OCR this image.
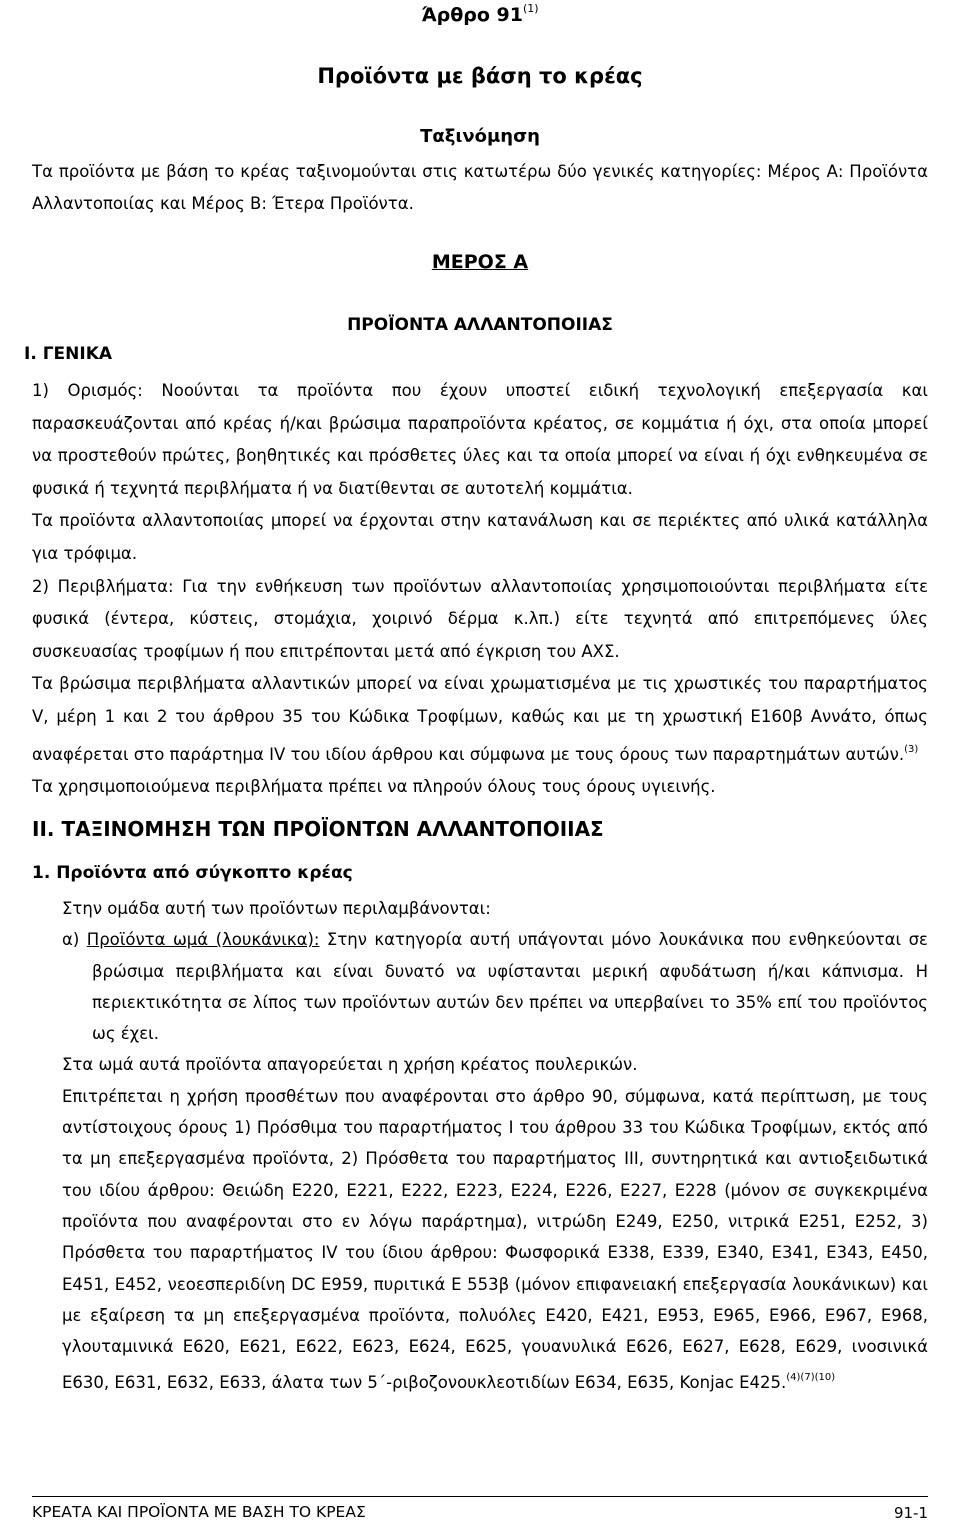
Άρθρο 91$^{(1)}$
Προϊόντα με βάση το κρέας
Ταξινόμηση
Τα προϊόντα με βάση το κρέας ταξινομούνται στις κατωτέρω δύο γενικές κατηγορίες: Μέρος Α: Προϊόντα Αλλαντοποιίας και Μέρος Β: Έτερα Προϊόντα.
ΜΕΡΟΣ Α
ΠΡΟΪΟΝΤΑ ΑΛΛΑΝΤΟΠΟΙΙΑΣ
Ι. ΓΕΝΙΚΑ

1) Ορισμός: Νοούνται τα προϊόντα που έχουν υποστεί ειδική τεχνολογική επεξεργασία και παρασκευάζονται από κρέας ή/και βρώσιμα παραπροϊόντα κρέατος, σε κομμάτια ή όχι, στα οποία μπορεί να προστεθούν πρώτες, βοηθητικές και πρόσθετες ύλες και τα οποία μπορεί να είναι ή όχι ενθηκευμένα σε φυσικά ή τεχνητά περιβλήματα ή να διατίθενται σε αυτοτελή κομμάτια.

Τα προϊόντα αλλαντοποιίας μπορεί να έρχονται στην κατανάλωση και σε περιέκτες από υλικά κατάλληλα για τρόφιμα.

2) Περιβλήματα: Για την ενθήκευση των προϊόντων αλλαντοποιίας χρησιμοποιούνται περιβλήματα είτε φυσικά (έντερα, κύστεις, στομάχια, χοιρινό δέρμα κ.λπ.) είτε τεχνητά από επιτρεπόμενες ύλες συσκευασίας τροφίμων ή που επιτρέπονται μετά από έγκριση του ΑΧΣ.

Τα βρώσιμα περιβλήματα αλλαντικών μπορεί να είναι χρωματισμένα με τις χρωστικές του παραρτήματος V, μέρη 1 και 2 του άρθρου 35 του Κώδικα Τροφίμων, καθώς και με τη χρωστική Ε160β Αννάτο, όπως αναφέρεται στο παράρτημα ΙV του ιδίου άρθρου και σύμφωνα με τους όρους των παραρτημάτων αυτών.$^{(3)}$

Τα χρησιμοποιούμενα περιβλήματα πρέπει να πληρούν όλους τους όρους υγιεινής.

ΙΙ. ΤΑΞΙΝΟΜΗΣΗ ΤΩΝ ΠΡΟΪΟΝΤΩΝ ΑΛΛΑΝΤΟΠΟΙΙΑΣ
1. Προϊόντα από σύγκοπτο κρέας

Στην ομάδα αυτή των προϊόντων περιλαμβάνονται:

α) Προϊόντα ωμά (λουκάνικα): Στην κατηγορία αυτή υπάγονται μόνο λουκάνικα που ενθηκεύονται σε βρώσιμα περιβλήματα και είναι δυνατό να υφίστανται μερική αφυδάτωση ή/και κάπνισμα. Η περιεκτικότητα σε λίπος των προϊόντων αυτών δεν πρέπει να υπερβαίνει το 35% επί του προϊόντος ως έχει.

Στα ωμά αυτά προϊόντα απαγορεύεται η χρήση κρέατος πουλερικών.

Επιτρέπεται η χρήση προσθέτων που αναφέρονται στο άρθρο 90, σύμφωνα, κατά περίπτωση, με τους αντίστοιχους όρους 1) Πρόσθιμα του παραρτήματος Ι του άρθρου 33 του Κώδικα Τροφίμων, εκτός από τα μη επεξεργασμένα προϊόντα, 2) Πρόσθετα του παραρτήματος ΙΙΙ, συντηρητικά και αντιοξειδωτικά του ιδίου άρθρου: Θειώδη Ε220, Ε221, Ε222, Ε223, Ε224, Ε226, Ε227, Ε228 (μόνον σε συγκεκριμένα προϊόντα που αναφέρονται στο εν λόγω παράρτημα), νιτρώδη Ε249, Ε250, νιτρικά Ε251, Ε252, 3) Πρόσθετα του παραρτήματος IV του ίδιου άρθρου: Φωσφορικά Ε338, Ε339, Ε340, Ε341, Ε343, Ε450, Ε451, Ε452, νεοεσπεριδίνη DC Ε959, πυριτικά Ε 553β (μόνον επιφανειακή επεξεργασία λουκάνικων) και με εξαίρεση τα μη επεξεργασμένα προϊόντα, πολυόλες Ε420, Ε421, Ε953, Ε965, Ε966, Ε967, Ε968, γλουταμινικά Ε620, Ε621, Ε622, Ε623, Ε624, Ε625, γουανυλικά Ε626, Ε627, Ε628, Ε629, ινοσινικά Ε630, Ε631, Ε632, Ε633, άλατα των 5΄-ριβοζονουκλεοτιδίων Ε634, Ε635, Konjac E425.$^{(4)(7)(10)}$

ΚΡΕΑΤΑ ΚΑΙ ΠΡΟΪΟΝΤΑ ΜΕ ΒΑΣΗ ΤΟ ΚΡΕΑΣ	91-1
